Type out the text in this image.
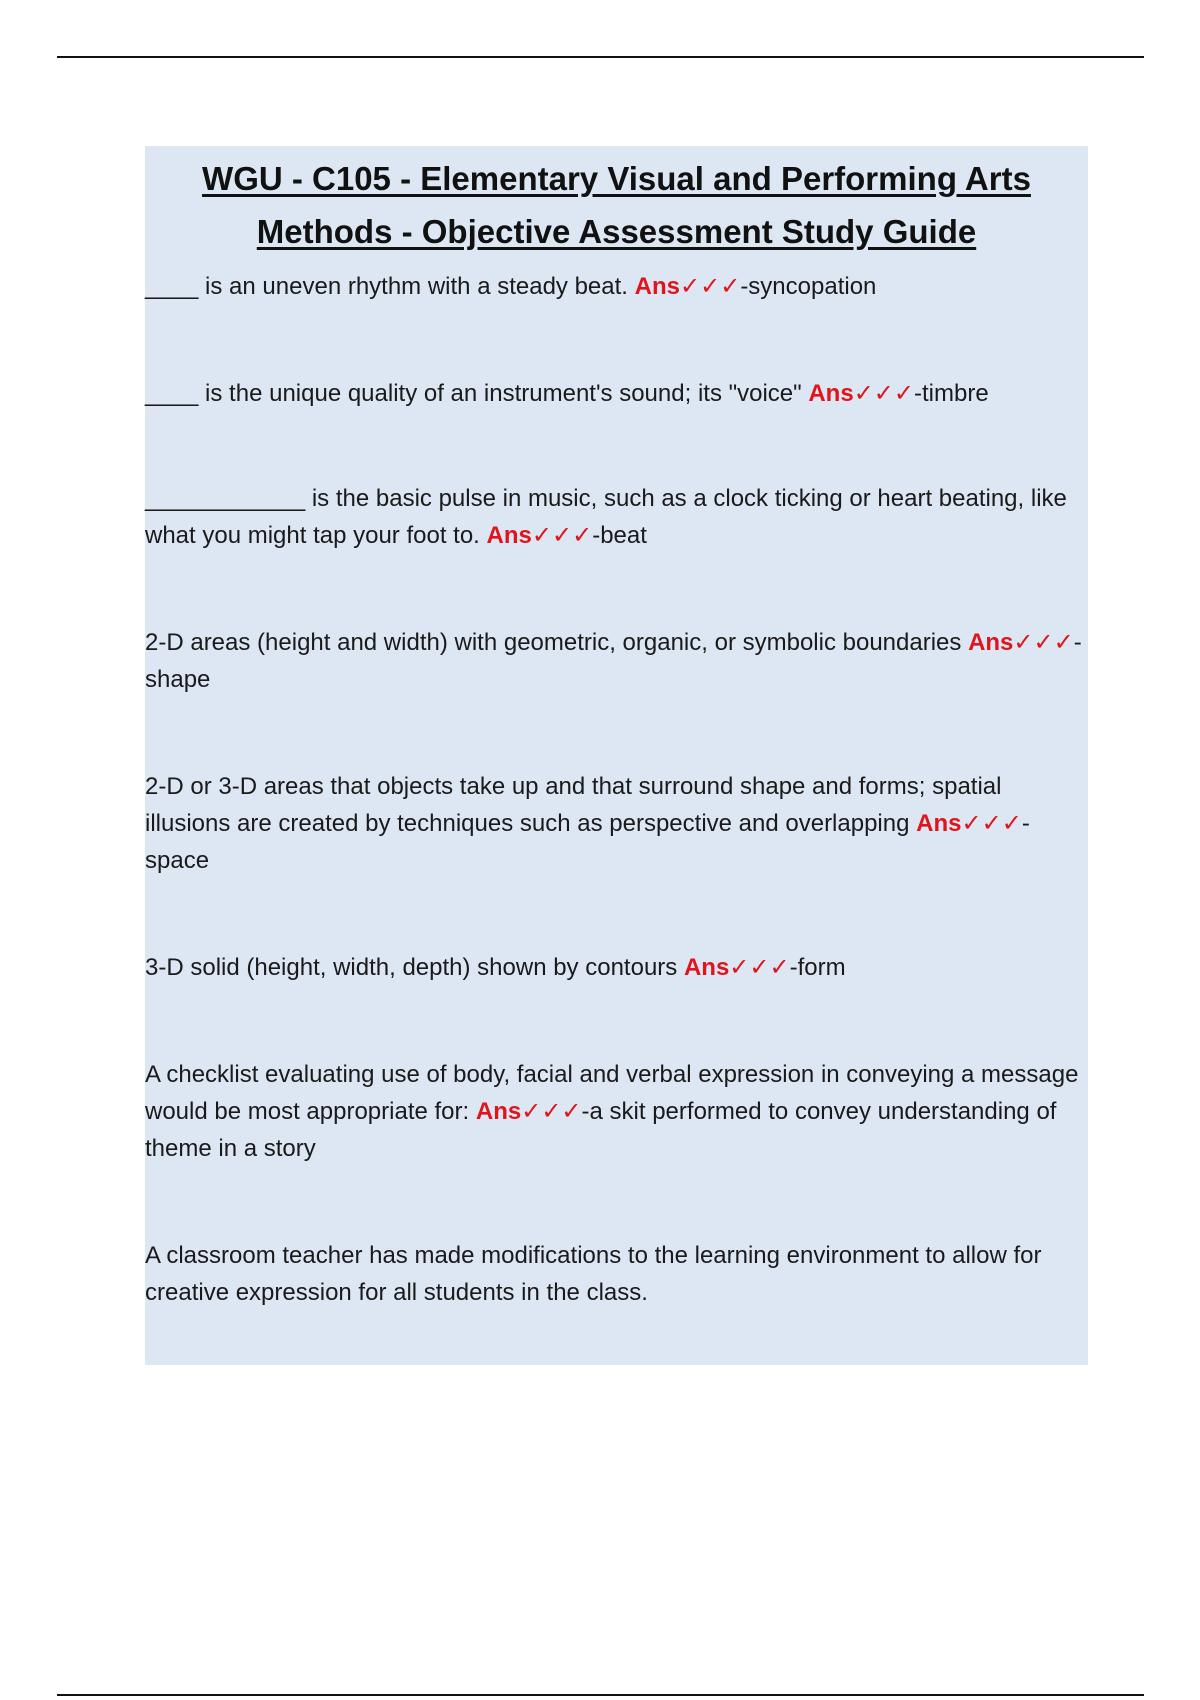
WGU - C105 - Elementary Visual and Performing Arts
Methods - Objective Assessment Study Guide

____ is an uneven rhythm with a steady beat. Ans✓✓✓-syncopation

____ is the unique quality of an instrument's sound; its "voice" Ans✓✓✓-timbre

____________ is the basic pulse in music, such as a clock ticking or heart beating, like what you might tap your foot to. Ans✓✓✓-beat

2-D areas (height and width) with geometric, organic, or symbolic boundaries Ans✓✓✓-shape

2-D or 3-D areas that objects take up and that surround shape and forms; spatial illusions are created by techniques such as perspective and overlapping Ans✓✓✓-space

3-D solid (height, width, depth) shown by contours Ans✓✓✓-form

A checklist evaluating use of body, facial and verbal expression in conveying a message would be most appropriate for: Ans✓✓✓-a skit performed to convey understanding of theme in a story

A classroom teacher has made modifications to the learning environment to allow for creative expression for all students in the class.
